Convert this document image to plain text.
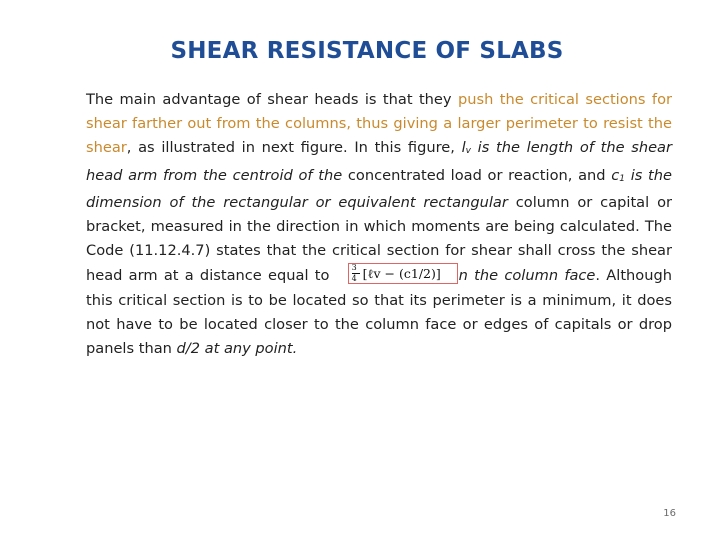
SHEAR RESISTANCE OF SLABS
The main advantage of shear heads is that they push the critical sections for shear farther out from the columns, thus giving a larger perimeter to resist the shear, as illustrated in next figure. In this figure, lv is the length of the shear head arm from the centroid of the concentrated load or reaction, and c1 is the dimension of the rectangular or equivalent rectangular column or capital or bracket, measured in the direction in which moments are being calculated. The Code (11.12.4.7) states that the critical section for shear shall cross the shear head arm at a distance equal to 3
4 [ℓv − (c1/2)] n the column face. Although this critical section is to be located so that its perimeter is a minimum, it does not have to be located closer to the column face or edges of capitals or drop panels than d/2 at any point.
16
